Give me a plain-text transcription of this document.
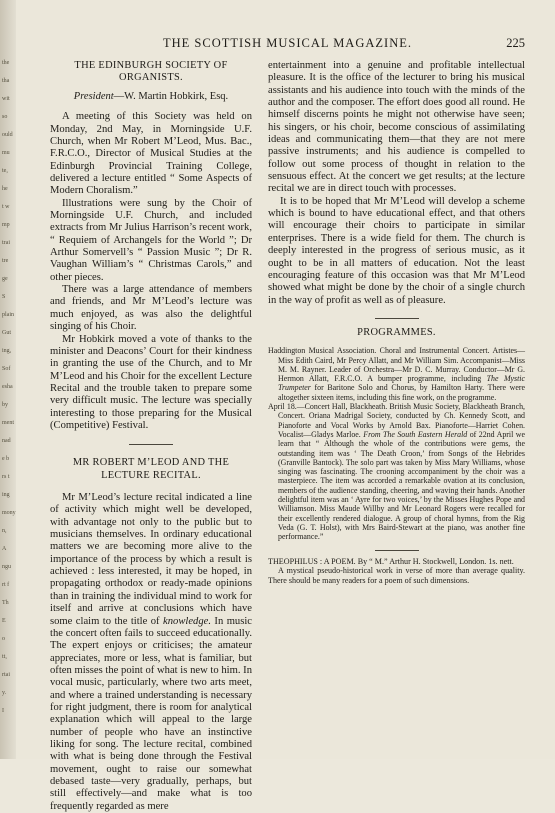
the
tha
wit
so
ould
mu
te,
he
t w
mp
trai
tre
ge
S
plain
Gut
ing,
Sof
esha
by
ment
nad
e b
rs t
ing
mony
n,
A
ngu
rt f
Th
E
o
tt,
rtai
y.
I
THE SCOTTISH MUSICAL MAGAZINE.	225
THE EDINBURGH SOCIETY OF
ORGANISTS.
President—W. Martin Hobkirk, Esq.

A meeting of this Society was held on Monday, 2nd May, in Morningside U.F. Church, when Mr Robert M’Leod, Mus. Bac., F.R.C.O., Director of Musical Studies at the Edinburgh Provincial Training College, delivered a lecture entitled “ Some Aspects of Modern Choralism.”

Illustrations were sung by the Choir of Morningside U.F. Church, and included extracts from Mr Julius Harrison’s recent work, “ Requiem of Archangels for the World ”; Dr Arthur Somervell’s “ Passion Music ”; Dr R. Vaughan William’s “ Christmas Carols,” and other pieces.

There was a large attendance of members and friends, and Mr M’Leod’s lecture was much enjoyed, as was also the delightful singing of his Choir.

Mr Hobkirk moved a vote of thanks to the minister and Deacons’ Court for their kindness in granting the use of the Church, and to Mr M’Leod and his Choir for the excellent Lecture Recital and the trouble taken to prepare some very difficult music. The lecture was specially interesting to those preparing for the Musical (Competitive) Festival.

MR ROBERT M’LEOD AND THE
LECTURE RECITAL.

Mr M’Leod’s lecture recital indicated a line of activity which might well be developed, with advantage not only to the public but to musicians themselves. In ordinary educational matters we are becoming more alive to the importance of the process by which a result is achieved : less interested, it may be hoped, in propagating orthodox or ready-made opinions than in training the individual mind to work for itself and arrive at conclusions which have some claim to the title of knowledge. In music the concert often fails to succeed educationally. The expert enjoys or criticises; the amateur appreciates, more or less, what is familiar, but often misses the point of what is new to him. In vocal music, particularly, where two arts meet, and where a trained understanding is necessary for right judgment, there is room for analytical explanation which will appeal to the large number of people who have an instinctive liking for song. The lecture recital, combined with what is being done through the Festival movement, ought to raise our somewhat debased taste—very gradually, perhaps, but still effectively—and make what is too frequently regarded as mere

entertainment into a genuine and profitable intellectual pleasure. It is the office of the lecturer to bring his musical assistants and his audience into touch with the minds of the author and the composer. The effort does good all round. He himself discerns points he might not otherwise have seen; his singers, or his choir, become conscious of assimilating ideas and communicating them—that they are not mere passive instruments; and his audience is compelled to follow out some process of thought in relation to the sensuous effect. At the concert we get results; at the lecture recital we are in direct touch with processes.

It is to be hoped that Mr M’Leod will develop a scheme which is bound to have educational effect, and that others will encourage their choirs to participate in similar enterprises. There is a wide field for them. The church is deeply interested in the progress of serious music, as it ought to be in all matters of education. Not the least encouraging feature of this occasion was that Mr M’Leod showed what might be done by the choir of a single church in the way of profit as well as of pleasure.

PROGRAMMES.

Haddington Musical Association. Choral and Instrumental Concert. Artistes—Miss Edith Caird, Mr Percy Allatt, and Mr William Sim. Accompanist—Miss M. M. Rayner. Leader of Orchestra—Mr D. C. Murray. Conductor—Mr G. Hermon Allatt, F.R.C.O. A bumper programme, including The Mystic Trumpeter for Baritone Solo and Chorus, by Hamilton Harty. There were altogether sixteen items, including this fine work, on the programme.

April 18.—Concert Hall, Blackheath. British Music Society, Blackheath Branch, Concert. Oriana Madrigal Society, conducted by Ch. Kennedy Scott, and Pianoforte and Vocal Works by Arnold Bax. Pianoforte—Harriet Cohen. Vocalist—Gladys Marloe. From The South Eastern Herald of 22nd April we learn that “ Although the whole of the contributions were gems, the outstanding item was ‘ The Death Croon,’ from Songs of the Hebrides (Granville Bantock). The solo part was taken by Miss Mary Williams, whose singing was fascinating. The crooning accompaniment by the choir was a masterpiece. The item was accorded a remarkable ovation at its conclusion, members of the audience standing, cheering, and waving their hands. Another delightful item was an ‘ Ayre for two voices,’ by the Misses Hughes Pope and Williamson. Miss Maude Willby and Mr Leonard Rogers were recalled for their excellently rendered dialogue. A group of choral hymns, from the Rig Veda (G. T. Holst), with Mrs Baird-Stewart at the piano, was another fine performance.”

THEOPHILUS : A POEM. By “ M.” Arthur H. Stockwell, London. 1s. nett.

A mystical pseudo-historical work in verse of more than average quality. There should be many readers for a poem of such dimensions.
